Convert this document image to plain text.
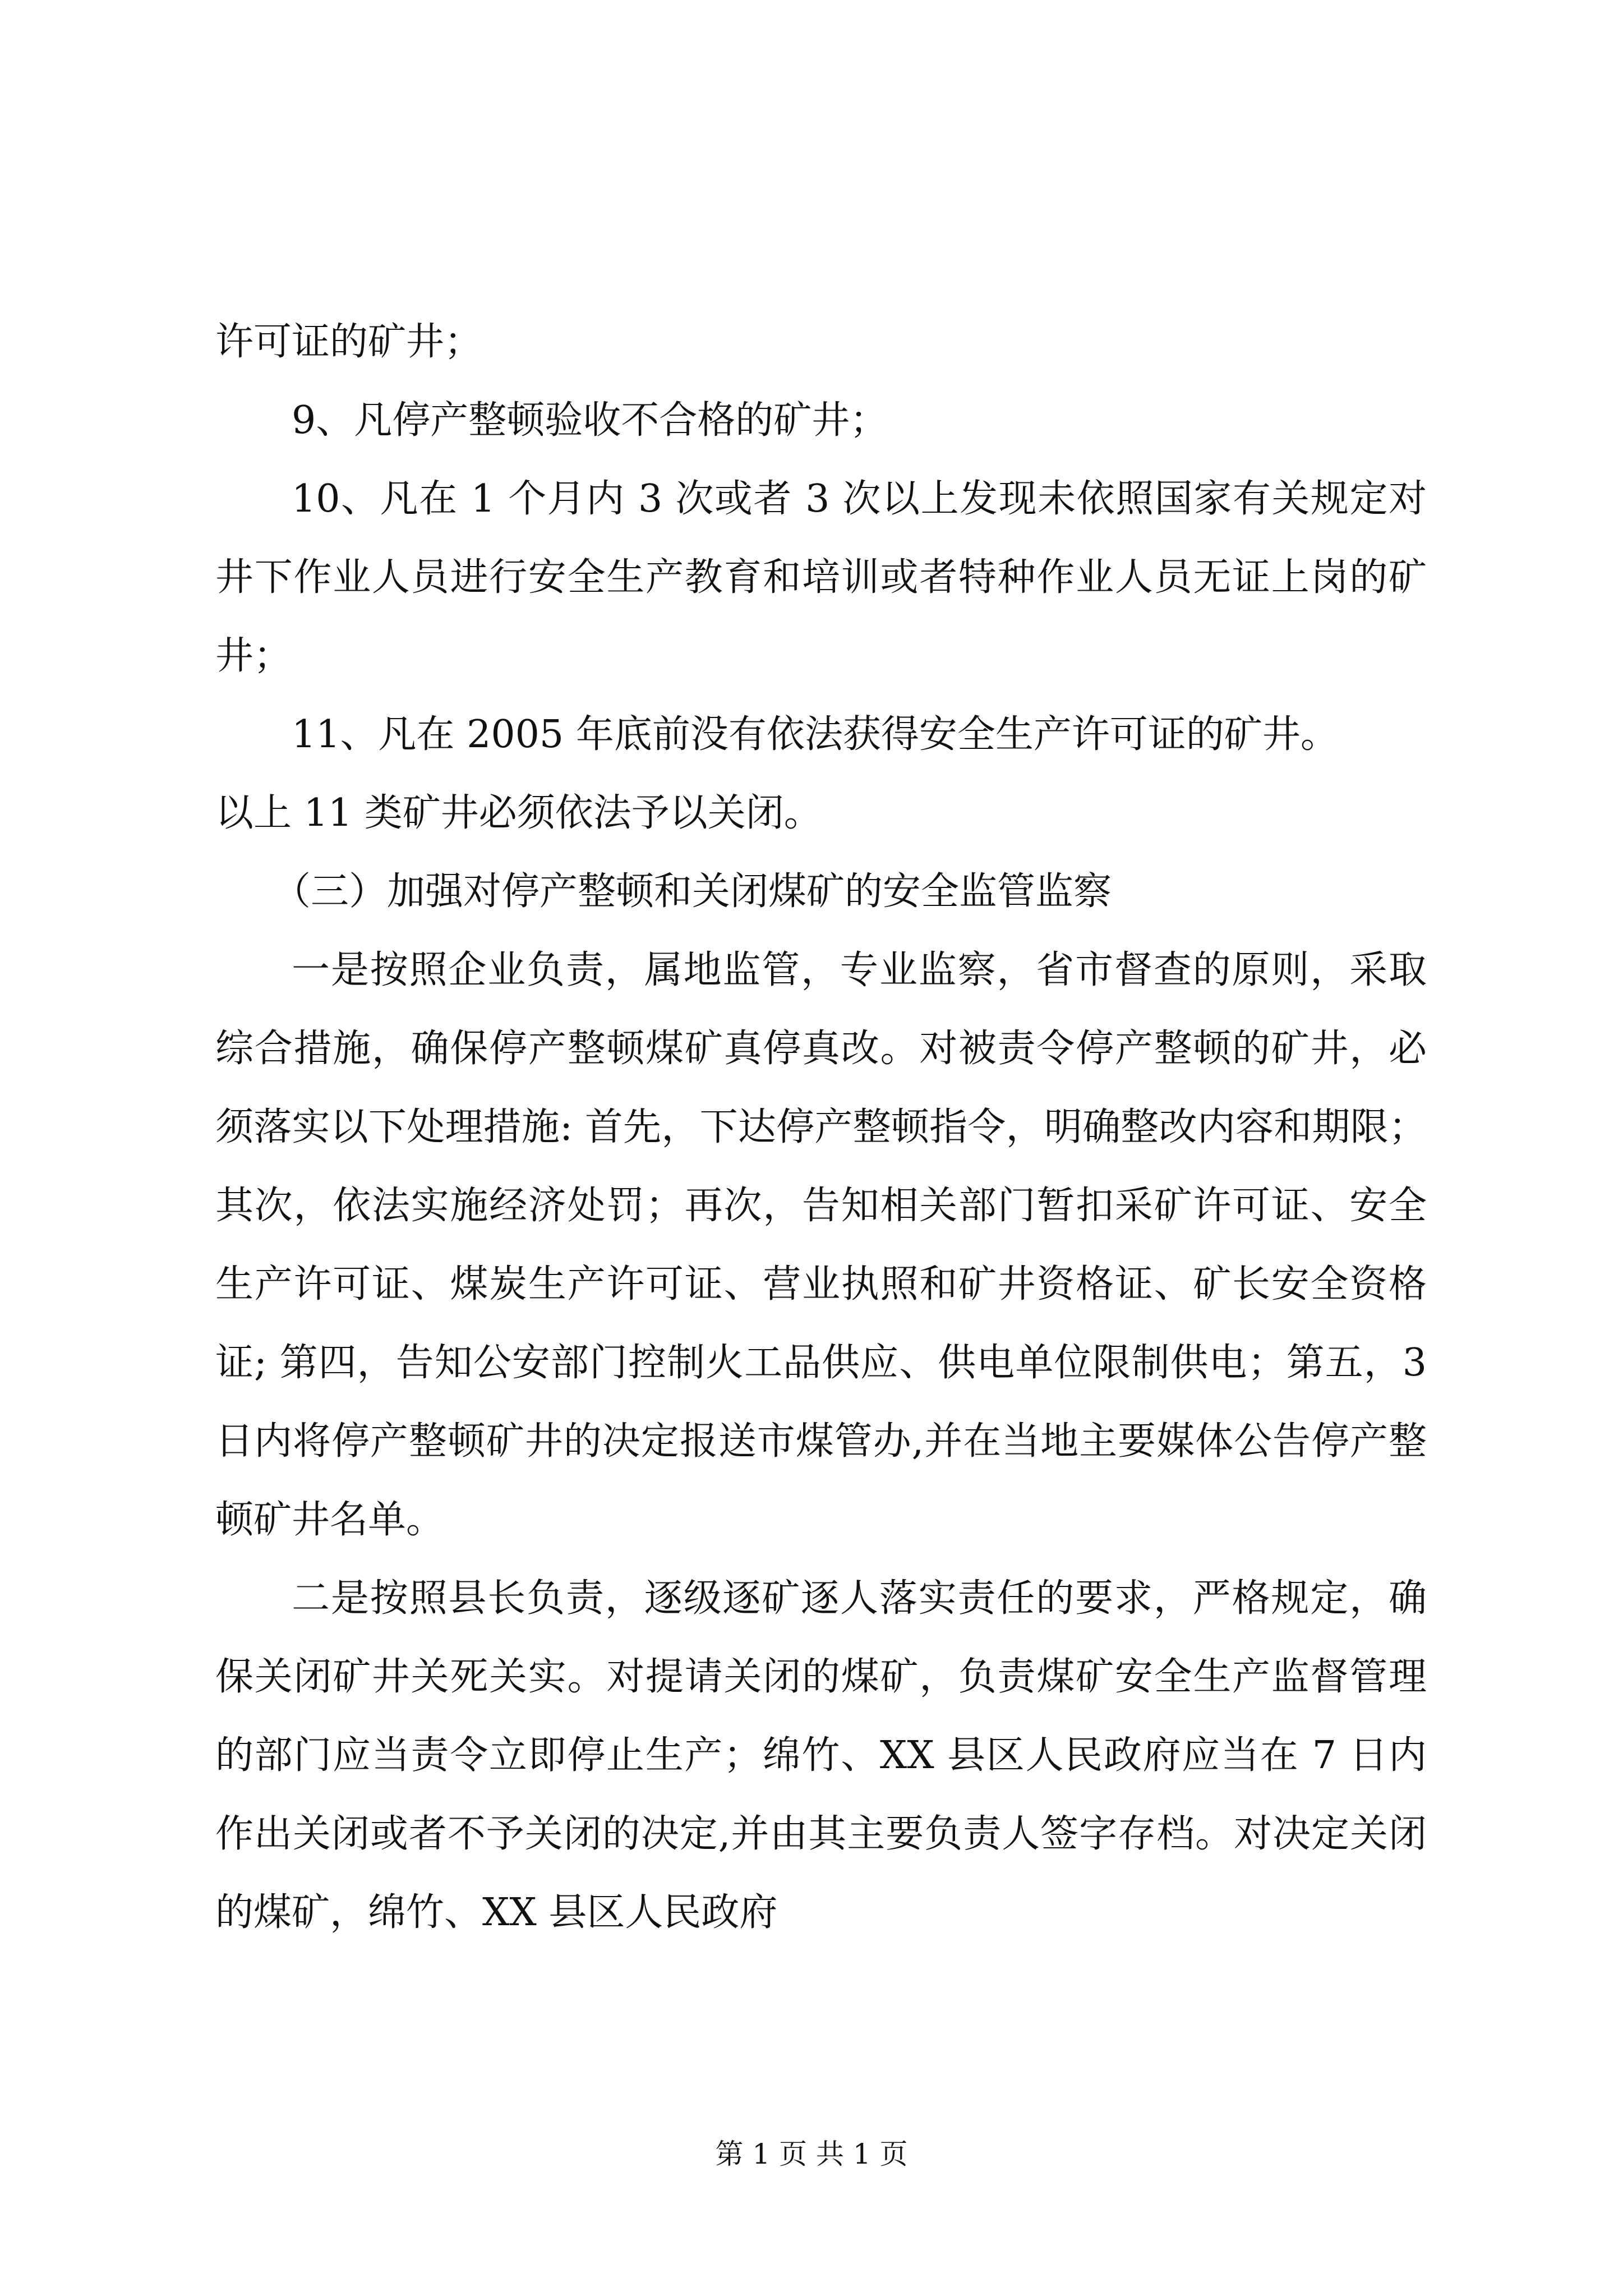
许可证的矿井；

9、凡停产整顿验收不合格的矿井；

10、凡在 1 个月内 3 次或者 3 次以上发现未依照国家有关规定对井下作业人员进行安全生产教育和培训或者特种作业人员无证上岗的矿井；

11、凡在 2005 年底前没有依法获得安全生产许可证的矿井。

以上 11 类矿井必须依法予以关闭。

（三）加强对停产整顿和关闭煤矿的安全监管监察

一是按照企业负责，属地监管，专业监察，省市督查的原则，采取综合措施，确保停产整顿煤矿真停真改。对被责令停产整顿的矿井，必须落实以下处理措施: 首先，下达停产整顿指令，明确整改内容和期限；其次，依法实施经济处罚；再次，告知相关部门暂扣采矿许可证、安全生产许可证、煤炭生产许可证、营业执照和矿井资格证、矿长安全资格证; 第四，告知公安部门控制火工品供应、供电单位限制供电；第五，3 日内将停产整顿矿井的决定报送市煤管办,并在当地主要媒体公告停产整顿矿井名单。

二是按照县长负责，逐级逐矿逐人落实责任的要求，严格规定，确保关闭矿井关死关实。对提请关闭的煤矿，负责煤矿安全生产监督管理的部门应当责令立即停止生产；绵竹、XX 县区人民政府应当在 7 日内作出关闭或者不予关闭的决定,并由其主要负责人签字存档。对决定关闭的煤矿，绵竹、XX 县区人民政府

第 1 页 共 1 页
